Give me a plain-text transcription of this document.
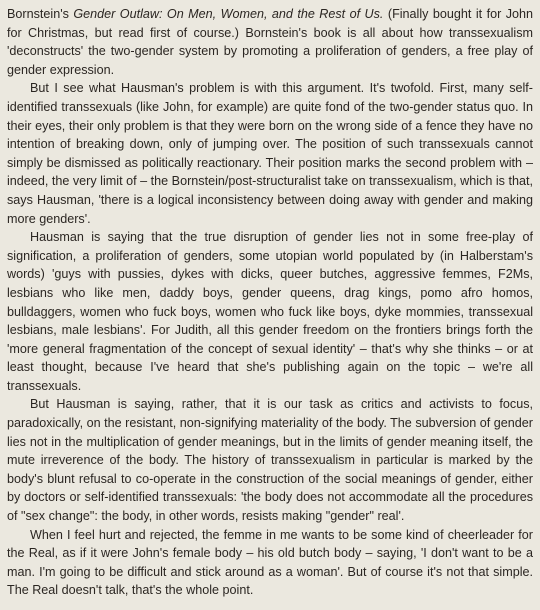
Bornstein's Gender Outlaw: On Men, Women, and the Rest of Us. (Finally bought it for John for Christmas, but read first of course.) Bornstein's book is all about how transsexualism 'deconstructs' the two-gender system by promoting a proliferation of genders, a free play of gender expression.

But I see what Hausman's problem is with this argument. It's twofold. First, many self-identified transsexuals (like John, for example) are quite fond of the two-gender status quo. In their eyes, their only problem is that they were born on the wrong side of a fence they have no intention of breaking down, only of jumping over. The position of such transsexuals cannot simply be dismissed as politically reactionary. Their position marks the second problem with – indeed, the very limit of – the Bornstein/post-structuralist take on transsexualism, which is that, says Hausman, 'there is a logical inconsistency between doing away with gender and making more genders'.

Hausman is saying that the true disruption of gender lies not in some free-play of signification, a proliferation of genders, some utopian world populated by (in Halberstam's words) 'guys with pussies, dykes with dicks, queer butches, aggressive femmes, F2Ms, lesbians who like men, daddy boys, gender queens, drag kings, pomo afro homos, bulldaggers, women who fuck boys, women who fuck like boys, dyke mommies, transsexual lesbians, male lesbians'. For Judith, all this gender freedom on the frontiers brings forth the 'more general fragmentation of the concept of sexual identity' – that's why she thinks – or at least thought, because I've heard that she's publishing again on the topic – we're all transsexuals.

But Hausman is saying, rather, that it is our task as critics and activists to focus, paradoxically, on the resistant, non-signifying materiality of the body. The subversion of gender lies not in the multiplication of gender meanings, but in the limits of gender meaning itself, the mute irreverence of the body. The history of transsexualism in particular is marked by the body's blunt refusal to co-operate in the construction of the social meanings of gender, either by doctors or self-identified transsexuals: 'the body does not accommodate all the procedures of "sex change": the body, in other words, resists making "gender" real'.

When I feel hurt and rejected, the femme in me wants to be some kind of cheerleader for the Real, as if it were John's female body – his old butch body – saying, 'I don't want to be a man. I'm going to be difficult and stick around as a woman'. But of course it's not that simple. The Real doesn't talk, that's the whole point.
